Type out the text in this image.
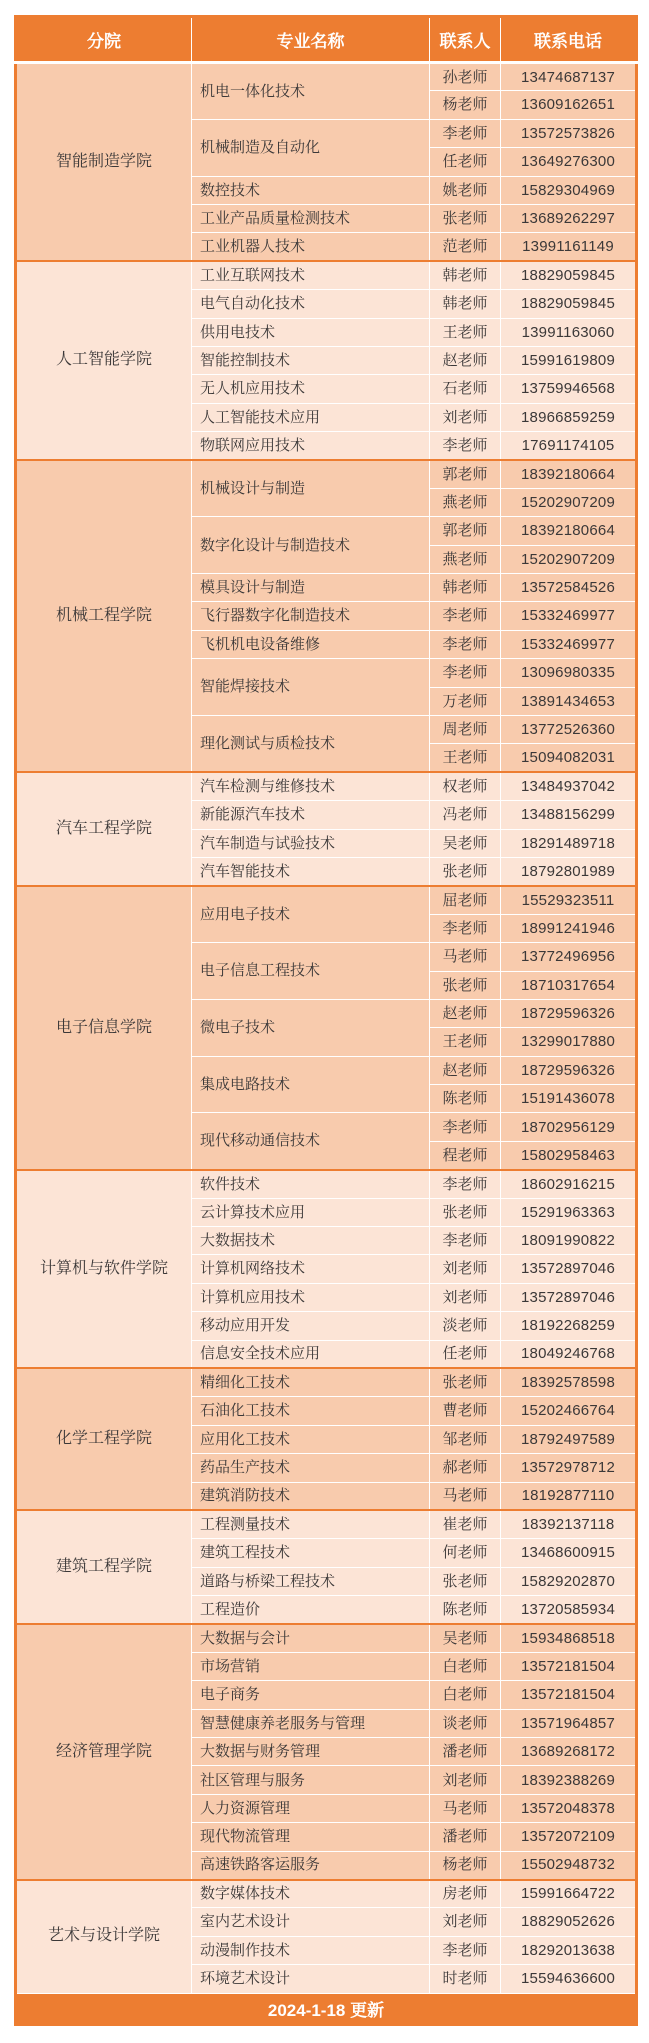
分院	专业名称	联系人	联系电话
智能制造学院	机电一体化技术	孙老师	13474687137
		杨老师	13609162651
	机械制造及自动化	李老师	13572573826
		任老师	13649276300
	数控技术	姚老师	15829304969
	工业产品质量检测技术	张老师	13689262297
	工业机器人技术	范老师	13991161149
人工智能学院	工业互联网技术	韩老师	18829059845
	电气自动化技术	韩老师	18829059845
	供用电技术	王老师	13991163060
	智能控制技术	赵老师	15991619809
	无人机应用技术	石老师	13759946568
	人工智能技术应用	刘老师	18966859259
	物联网应用技术	李老师	17691174105
机械工程学院	机械设计与制造	郭老师	18392180664
		燕老师	15202907209
	数字化设计与制造技术	郭老师	18392180664
		燕老师	15202907209
	模具设计与制造	韩老师	13572584526
	飞行器数字化制造技术	李老师	15332469977
	飞机机电设备维修	李老师	15332469977
	智能焊接技术	李老师	13096980335
		万老师	13891434653
	理化测试与质检技术	周老师	13772526360
		王老师	15094082031
汽车工程学院	汽车检测与维修技术	权老师	13484937042
	新能源汽车技术	冯老师	13488156299
	汽车制造与试验技术	吴老师	18291489718
	汽车智能技术	张老师	18792801989
电子信息学院	应用电子技术	屈老师	15529323511
		李老师	18991241946
	电子信息工程技术	马老师	13772496956
		张老师	18710317654
	微电子技术	赵老师	18729596326
		王老师	13299017880
	集成电路技术	赵老师	18729596326
		陈老师	15191436078
	现代移动通信技术	李老师	18702956129
		程老师	15802958463
计算机与软件学院	软件技术	李老师	18602916215
	云计算技术应用	张老师	15291963363
	大数据技术	李老师	18091990822
	计算机网络技术	刘老师	13572897046
	计算机应用技术	刘老师	13572897046
	移动应用开发	淡老师	18192268259
	信息安全技术应用	任老师	18049246768
化学工程学院	精细化工技术	张老师	18392578598
	石油化工技术	曹老师	15202466764
	应用化工技术	邹老师	18792497589
	药品生产技术	郝老师	13572978712
	建筑消防技术	马老师	18192877110
建筑工程学院	工程测量技术	崔老师	18392137118
	建筑工程技术	何老师	13468600915
	道路与桥梁工程技术	张老师	15829202870
	工程造价	陈老师	13720585934
经济管理学院	大数据与会计	吴老师	15934868518
	市场营销	白老师	13572181504
	电子商务	白老师	13572181504
	智慧健康养老服务与管理	谈老师	13571964857
	大数据与财务管理	潘老师	13689268172
	社区管理与服务	刘老师	18392388269
	人力资源管理	马老师	13572048378
	现代物流管理	潘老师	13572072109
	高速铁路客运服务	杨老师	15502948732
艺术与设计学院	数字媒体技术	房老师	15991664722
	室内艺术设计	刘老师	18829052626
	动漫制作技术	李老师	18292013638
	环境艺术设计	时老师	15594636600
2024-1-18 更新			
